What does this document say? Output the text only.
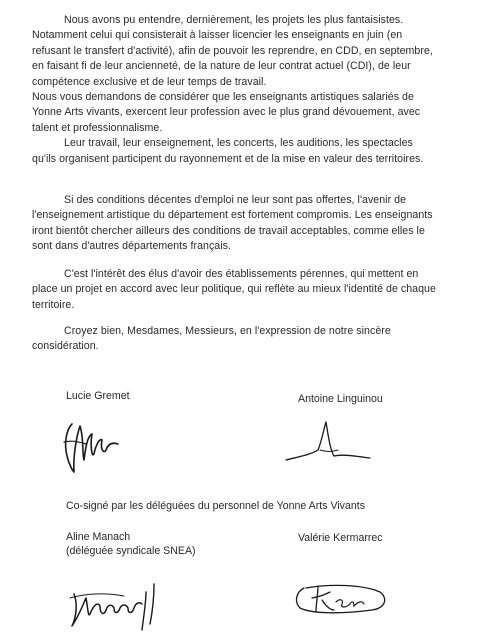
Nous avons pu entendre, dernièrement, les projets les plus fantaisistes.
Notamment celui qui consisterait à laisser licencier les enseignants en juin (en
refusant le transfert d'activité), afin de pouvoir les reprendre, en CDD, en septembre,
en faisant fi de leur ancienneté, de la nature de leur contrat actuel (CDI), de leur
compétence exclusive et de leur temps de travail.
Nous vous demandons de considérer que les enseignants artistiques salariés de
Yonne Arts vivants, exercent leur profession avec le plus grand dévouement, avec
talent et professionnalisme.
Leur travail, leur enseignement, les concerts, les auditions, les spectacles
qu'ils organisent participent du rayonnement et de la mise en valeur des territoires.
Si des conditions décentes d'emploi ne leur sont pas offertes, l'avenir de
l'enseignement artistique du département est fortement compromis. Les enseignants
iront bientôt chercher ailleurs des conditions de travail acceptables, comme elles le
sont dans d'autres départements français.
C'est l'intérêt des élus d'avoir des établissements pérennes, qui mettent en
place un projet en accord avec leur politique, qui reflète au mieux l'identité de chaque
territoire.
Croyez bien, Mesdames, Messieurs, en l'expression de notre sincère
considération.
Lucie Gremet	Antoine Linguinou
Co-signé par les déléguées du personnel de Yonne Arts Vivants
Aline Manach
(déléguée syndicale SNEA)
Valérie Kermarrec
